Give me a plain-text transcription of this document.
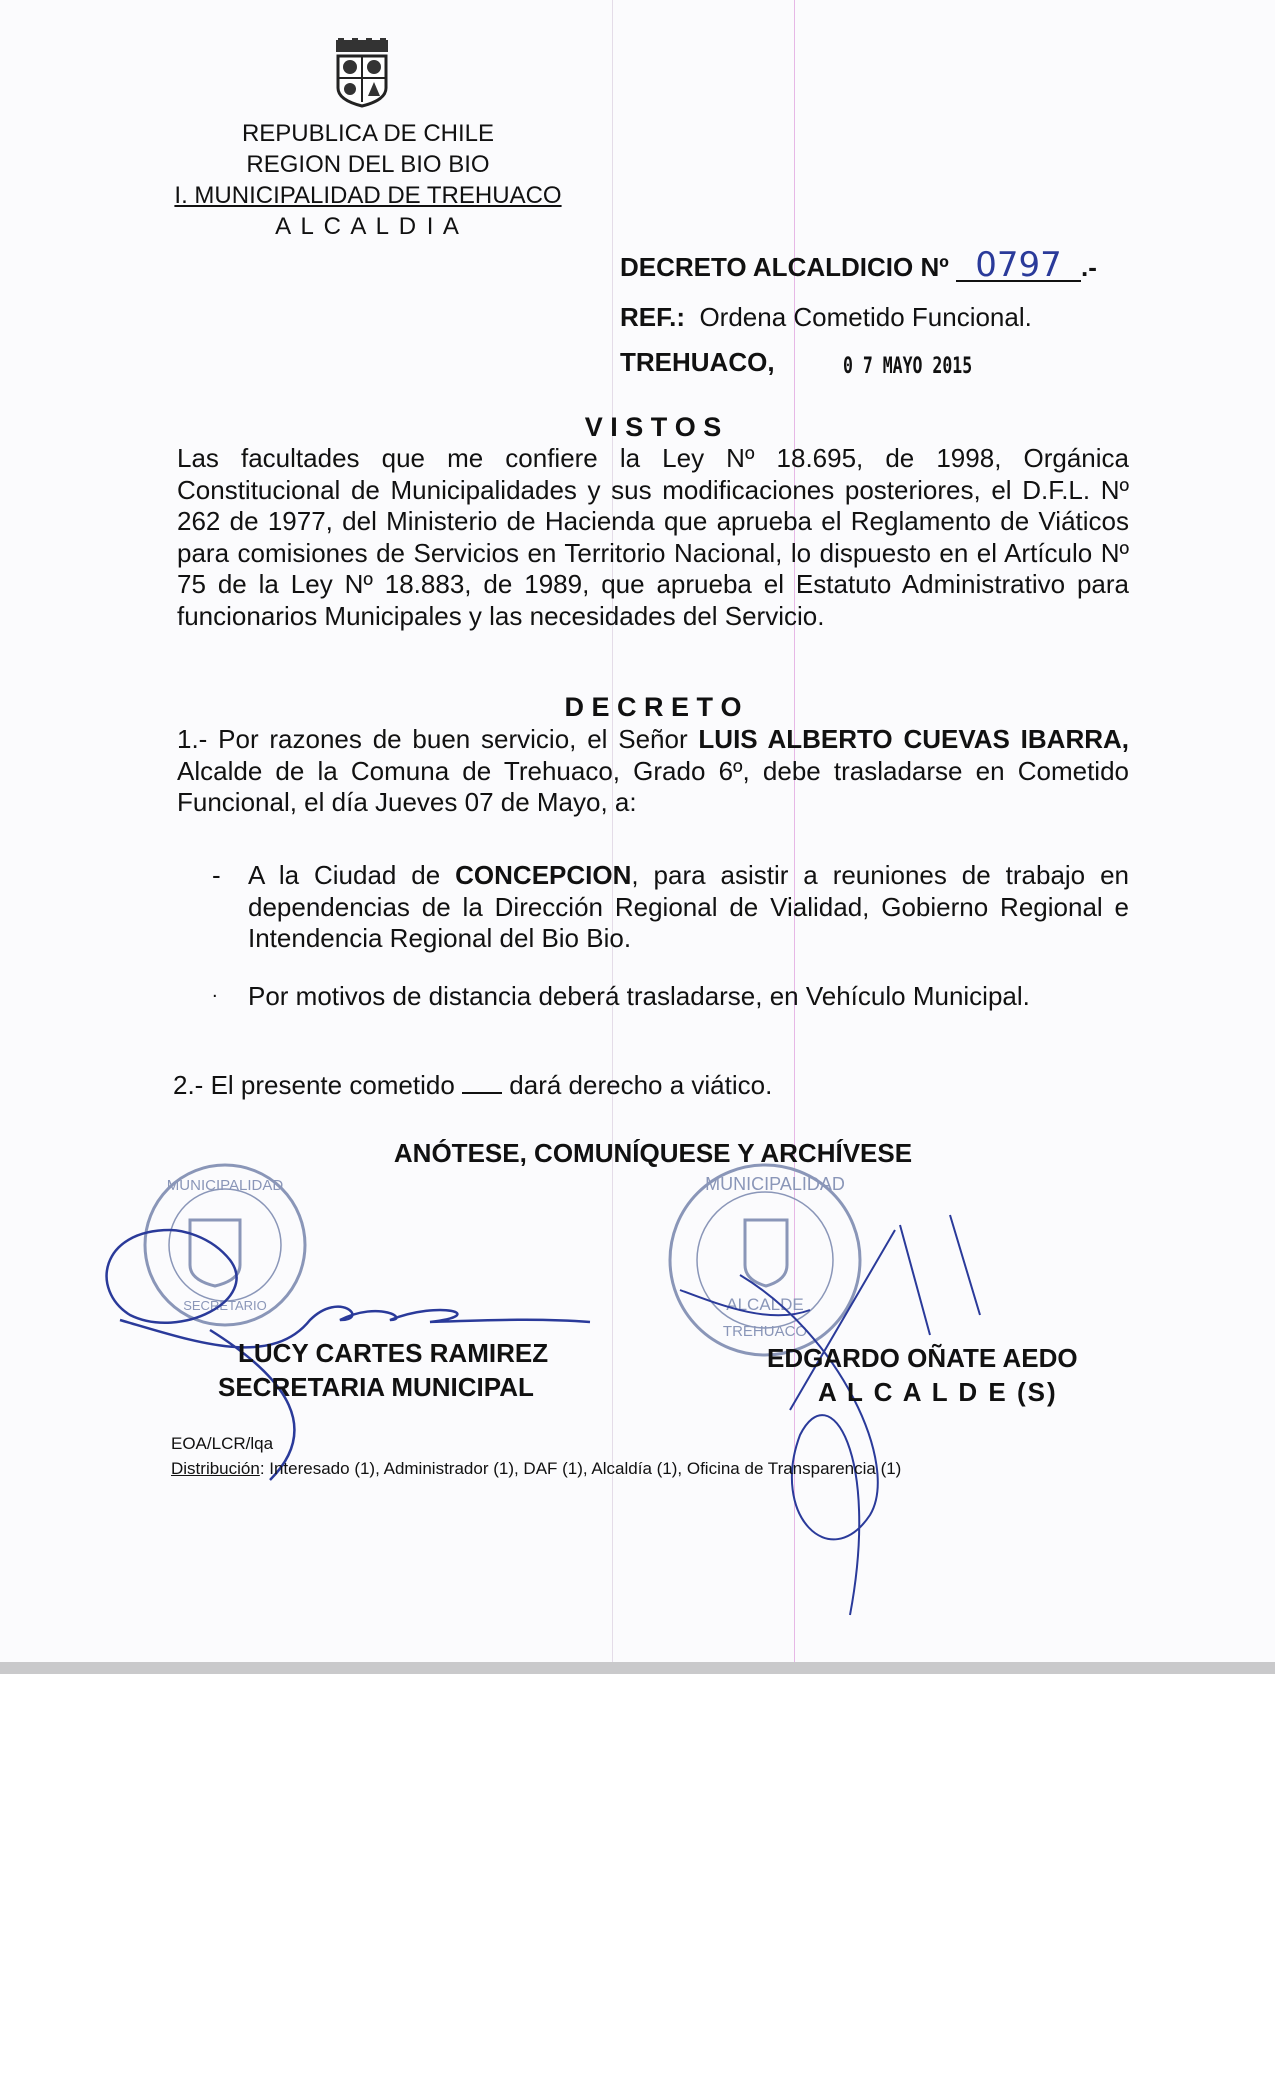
REPUBLICA DE CHILE
REGION DEL BIO BIO
I. MUNICIPALIDAD DE TREHUACO
A L C A L D I A
DECRETO ALCALDICIO Nº 0797 .-
REF.: Ordena Cometido Funcional.
TREHUACO,	0 7 MAYO 2015
V I S T O S
Las facultades que me confiere la Ley Nº 18.695, de 1998, Orgánica Constitucional de Municipalidades y sus modificaciones posteriores, el D.F.L. Nº 262 de 1977, del Ministerio de Hacienda que aprueba el Reglamento de Viáticos para comisiones de Servicios en Territorio Nacional, lo dispuesto en el Artículo Nº 75 de la Ley Nº 18.883, de 1989, que aprueba el Estatuto Administrativo para funcionarios Municipales y las necesidades del Servicio.
D E C R E T O
1.- Por razones de buen servicio, el Señor LUIS ALBERTO CUEVAS IBARRA, Alcalde de la Comuna de Trehuaco, Grado 6º, debe trasladarse en Cometido Funcional, el día Jueves 07 de Mayo, a:
- A la Ciudad de CONCEPCION, para asistir a reuniones de trabajo en dependencias de la Dirección Regional de Vialidad, Gobierno Regional e Intendencia Regional del Bio Bio.
. Por motivos de distancia deberá trasladarse, en Vehículo Municipal.
2.- El presente cometido dará derecho a viático.
ANÓTESE, COMUNÍQUESE Y ARCHÍVESE
MUNICIPALIDAD
SECRETARIO
MUNICIPALIDAD
ALCALDE
TREHUACO
LUCY CARTES RAMIREZ
SECRETARIA MUNICIPAL
EDGARDO OÑATE AEDO
A L C A L D E (S)
EOA/LCR/lqa
Distribución: Interesado (1), Administrador (1), DAF (1), Alcaldía (1), Oficina de Transparencia (1)
